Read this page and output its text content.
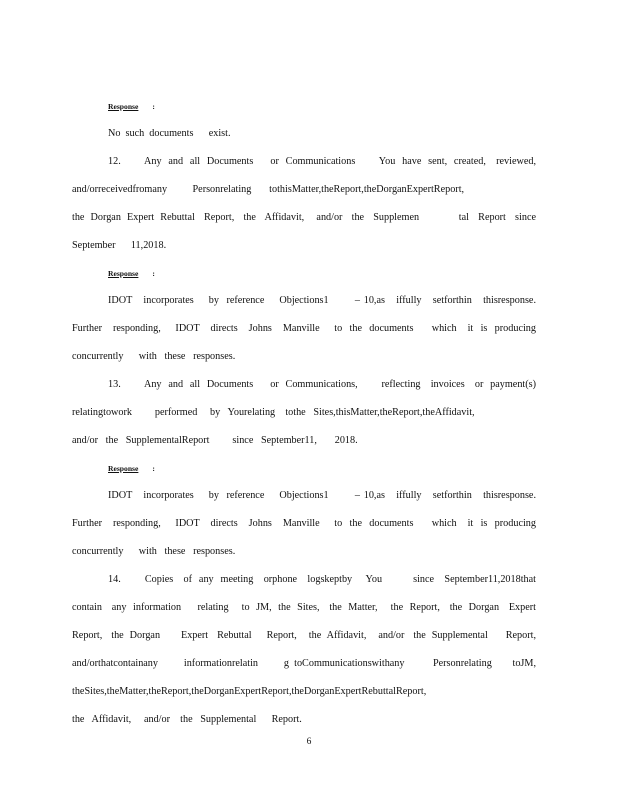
Response :
No  such  documents      exist.
12.       Any  and  all  Documents     or  Communications       You  have  sent,  created,   reviewed,
and/orreceivedfromany          Personrelating       tothisMatter,theReport,theDorganExpertReport,
the  Dorgan  Expert  Rebuttal   Report,   the   Affidavit,    and/or   the   Supplemen             tal   Report   since
September      11,2018.
Response :
IDOT   incorporates    by  reference    Objections1       – 10,as   iffully   setforthin   thisresponse.
Further   responding,    IDOT   directs   Johns   Manville    to  the  documents     which   it  is  producing
concurrently      with   these   responses.
13.       Any  and  all  Documents     or  Communications,       reflecting   invoices   or  payment(s)
relatingtowork         performed     by   Yourelating    tothe   Sites,thisMatter,theReport,theAffidavit,
and/or   the   SupplementalReport         since   September11,       2018.
Response :
IDOT   incorporates    by  reference    Objections1       – 10,as   iffully   setforthin   thisresponse.
Further   responding,    IDOT   directs   Johns   Manville    to  the  documents     which   it  is  producing
concurrently      with   these   responses.
14.       Copies   of  any  meeting   orphone   logskeptby    You         since   September11,2018that
contain   any  information     relating    to  JM,  the  Sites,   the  Matter,    the  Report,   the  Dorgan   Expert
Report,   the  Dorgan       Expert   Rebuttal     Report,    the  Affidavit,    and/or   the  Supplemental      Report,
and/orthatcontainany          informationrelatin          g  toCommunicationswithany           Personrelating        toJM,
theSites,theMatter,theReport,theDorganExpertReport,theDorganExpertRebuttalReport,
the   Affidavit,     and/or    the   Supplemental      Report.
6
